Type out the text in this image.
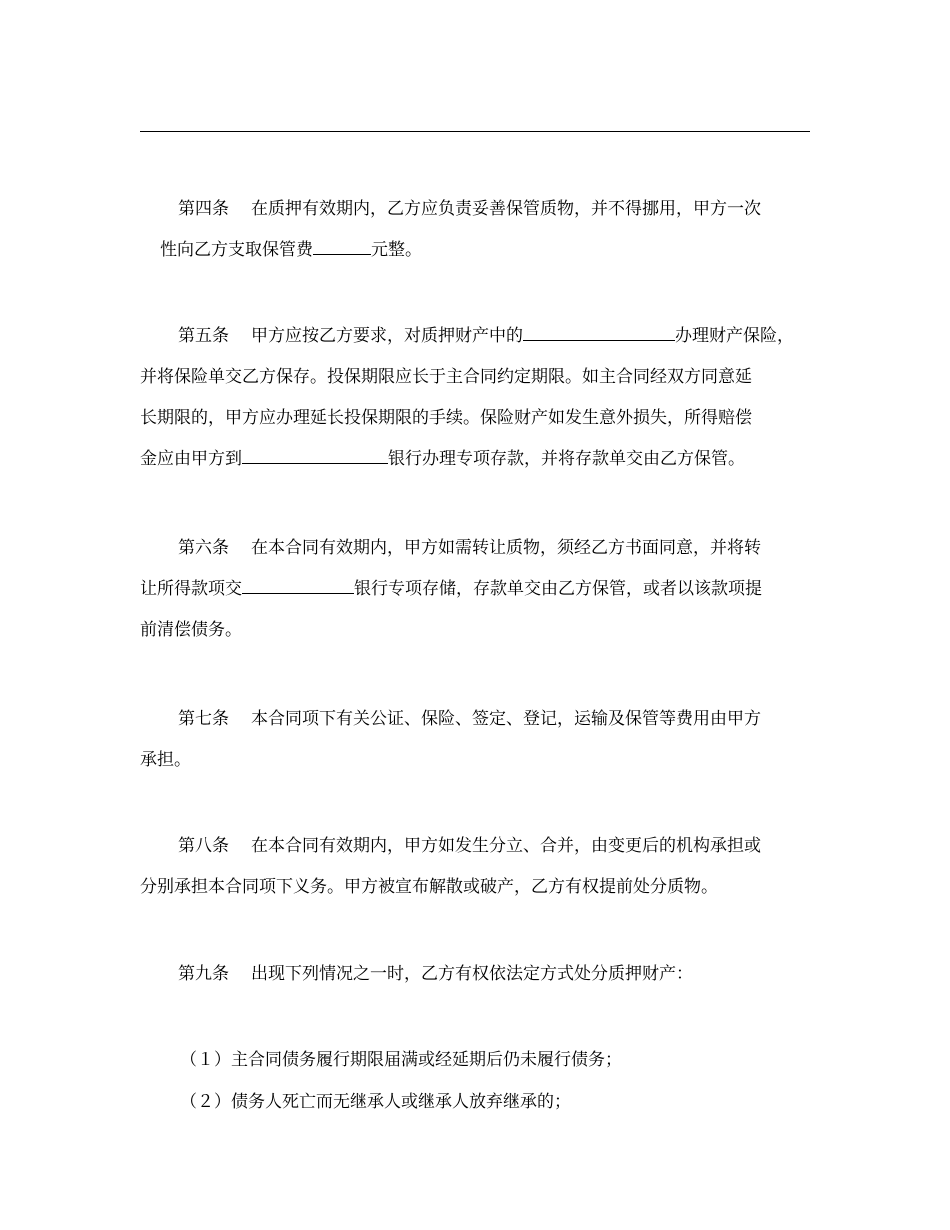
第四条 在质押有效期内，乙方应负责妥善保管质物，并不得挪用，甲方一次
性向乙方支取保管费	元整。
第五条 甲方应按乙方要求，对质押财产中的	办理财产保险，
并将保险单交乙方保存。投保期限应长于主合同约定期限。如主合同经双方同意延
长期限的，甲方应办理延长投保期限的手续。保险财产如发生意外损失，所得赔偿
金应由甲方到	银行办理专项存款，并将存款单交由乙方保管。
第六条 在本合同有效期内，甲方如需转让质物，须经乙方书面同意，并将转
让所得款项交	银行专项存储，存款单交由乙方保管，或者以该款项提
前清偿债务。
第七条 本合同项下有关公证、保险、签定、登记，运输及保管等费用由甲方
承担。
第八条 在本合同有效期内，甲方如发生分立、合并，由变更后的机构承担或
分别承担本合同项下义务。甲方被宣布解散或破产，乙方有权提前处分质物。
第九条 出现下列情况之一时，乙方有权依法定方式处分质押财产：
（１）主合同债务履行期限届满或经延期后仍未履行债务；
（２）债务人死亡而无继承人或继承人放弃继承的；
